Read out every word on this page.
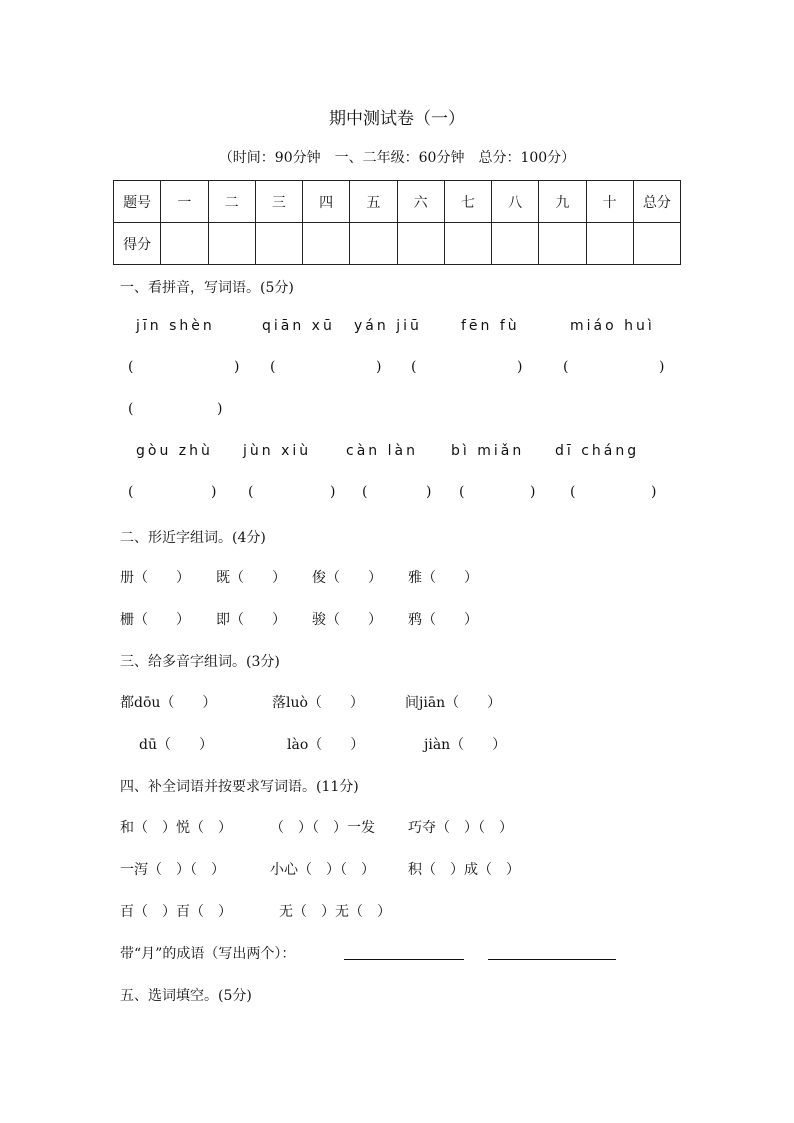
期中测试卷（一）
（时间：90分钟　一、二年级：60分钟　总分：100分）
题号	一	二	三	四	五	六	七	八	九	十	总分
得分											
一、看拼音，写词语。(5分)
jīn shèn	qiān xū yán jiū	fēn fù	miáo huì
(	) (	) (	)	(	)
(	)
gòu zhù jùn xiù càn làn bì miǎn dī cháng
(	) (	) (	) (	) (	)
二、形近字组词。(4分)
册（　　） 既（　　） 俊（　　） 雅（　　）
栅（　　） 即（　　） 骏（　　） 鸦（　　）
三、给多音字组词。(3分)
都dōu（　　）	落luò（　　）	间jiān（　　）
dū（　　）	lào（　　）	jiàn（　　）
四、补全词语并按要求写词语。(11分)
和（　）悦（　）	（　）（　）一发 巧夺（　）（　）
一泻（　）（　）	小心（　）（　） 积（　）成（　）
百（　）百（　）	无（　）无（　）
带“月”的成语（写出两个）：
五、选词填空。(5分)
